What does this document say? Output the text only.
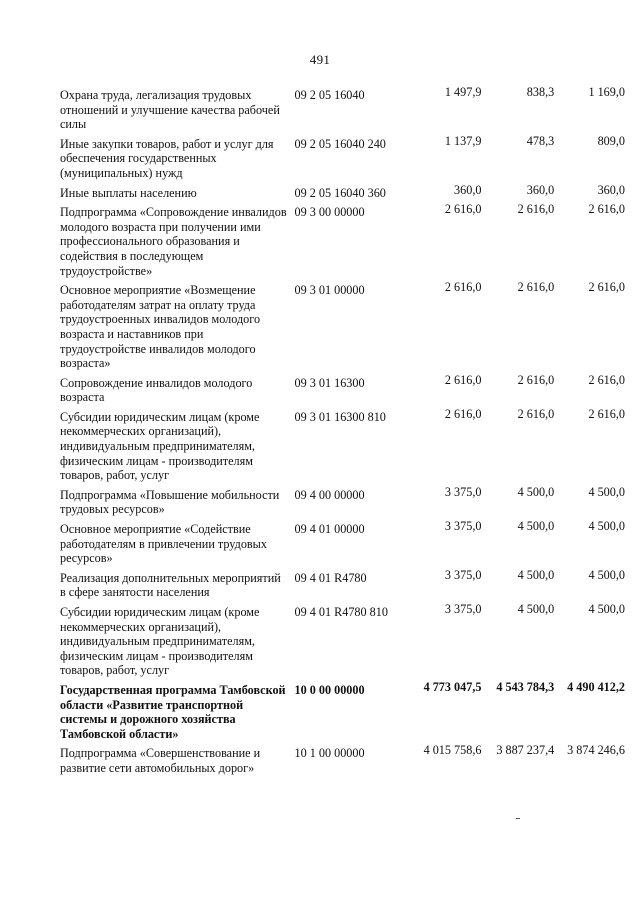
491
Охрана труда, легализация трудовых отношений и улучшение качества рабочей силы	09 2 05 16040	1 497,9	838,3	1 169,0
Иные закупки товаров, работ и услуг для обеспечения государственных (муниципальных) нужд	09 2 05 16040 240	1 137,9	478,3	809,0
Иные выплаты населению	09 2 05 16040 360	360,0	360,0	360,0
Подпрограмма «Сопровождение инвалидов молодого возраста при получении ими профессионального образования и содействия в последующем трудоустройстве»	09 3 00 00000	2 616,0	2 616,0	2 616,0
Основное мероприятие «Возмещение работодателям затрат на оплату труда трудоустроенных инвалидов молодого возраста и наставников при трудоустройстве инвалидов молодого возраста»	09 3 01 00000	2 616,0	2 616,0	2 616,0
Сопровождение инвалидов молодого возраста	09 3 01 16300	2 616,0	2 616,0	2 616,0
Субсидии юридическим лицам (кроме некоммерческих организаций), индивидуальным предпринимателям, физическим лицам - производителям товаров, работ, услуг	09 3 01 16300 810	2 616,0	2 616,0	2 616,0
Подпрограмма «Повышение мобильности трудовых ресурсов»	09 4 00 00000	3 375,0	4 500,0	4 500,0
Основное мероприятие «Содействие работодателям в привлечении трудовых ресурсов»	09 4 01 00000	3 375,0	4 500,0	4 500,0
Реализация дополнительных мероприятий в сфере занятости населения	09 4 01 R4780	3 375,0	4 500,0	4 500,0
Субсидии юридическим лицам (кроме некоммерческих организаций), индивидуальным предпринимателям, физическим лицам - производителям товаров, работ, услуг	09 4 01 R4780 810	3 375,0	4 500,0	4 500,0
Государственная программа Тамбовской области «Развитие транспортной системы и дорожного хозяйства Тамбовской области»	10 0 00 00000	4 773 047,5	4 543 784,3	4 490 412,2
Подпрограмма «Совершенствование и развитие сети автомобильных дорог»	10 1 00 00000	4 015 758,6	3 887 237,4	3 874 246,6
